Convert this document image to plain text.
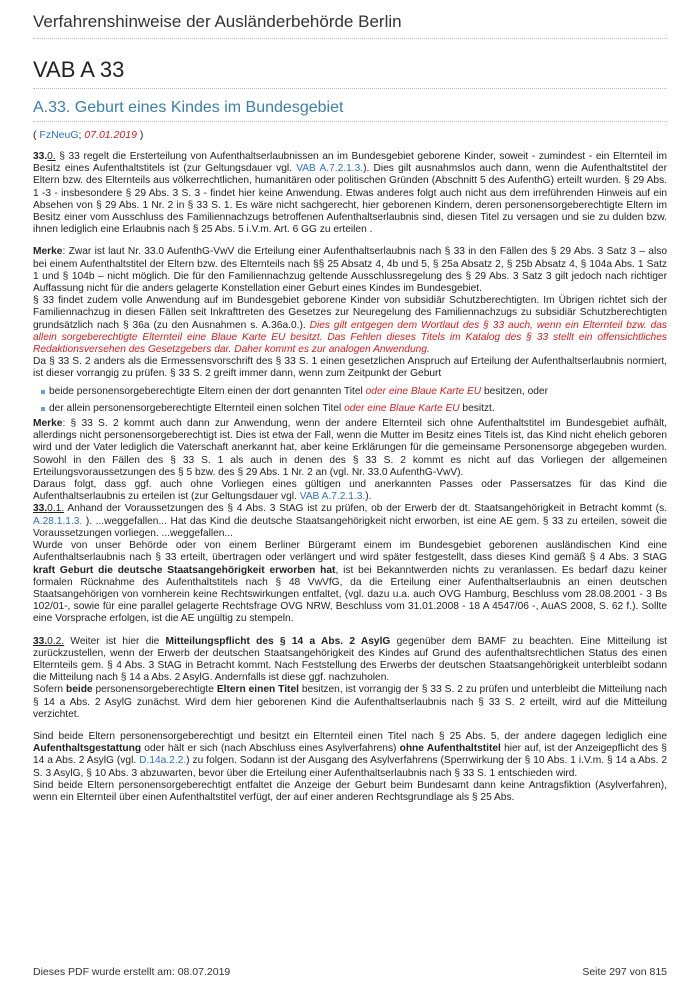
Verfahrenshinweise der Ausländerbehörde Berlin
VAB A 33
A.33. Geburt eines Kindes im Bundesgebiet
( FzNeuG; 07.01.2019 )

33.0. § 33 regelt die Ersterteilung von Aufenthaltserlaubnissen an im Bundesgebiet geborene Kinder, soweit - zumindest - ein Elternteil im Besitz eines Aufenthaltstitels ist (zur Geltungsdauer vgl. VAB A.7.2.1.3.). Dies gilt ausnahmslos auch dann, wenn die Aufenthaltstitel der Eltern bzw. des Elternteils aus völkerrechtlichen, humanitären oder politischen Gründen (Abschnitt 5 des AufenthG) erteilt wurden. § 29 Abs. 1 -3 - insbesondere § 29 Abs. 3 S. 3 - findet hier keine Anwendung. Etwas anderes folgt auch nicht aus dem irreführenden Hinweis auf ein Absehen von § 29 Abs. 1 Nr. 2 in § 33 S. 1. Es wäre nicht sachgerecht, hier geborenen Kindern, deren personensorgeberechtigte Eltern im Besitz einer vom Ausschluss des Familiennachzugs betroffenen Aufenthaltserlaubnis sind, diesen Titel zu versagen und sie zu dulden bzw. ihnen lediglich eine Erlaubnis nach § 25 Abs. 5 i.V.m. Art. 6 GG zu erteilen .

Merke: Zwar ist laut Nr. 33.0 AufenthG-VwV die Erteilung einer Aufenthaltserlaubnis nach § 33 in den Fällen des § 29 Abs. 3 Satz 3 – also bei einem Aufenthaltstitel der Eltern bzw. des Elternteils nach §§ 25 Absatz 4, 4b und 5, § 25a Absatz 2, § 25b Absatz 4, § 104a Abs. 1 Satz 1 und § 104b – nicht möglich. Die für den Familiennachzug geltende Ausschlussregelung des § 29 Abs. 3 Satz 3 gilt jedoch nach richtiger Auffassung nicht für die anders gelagerte Konstellation einer Geburt eines Kindes im Bundesgebiet.

§ 33 findet zudem volle Anwendung auf im Bundesgebiet geborene Kinder von subsidiär Schutzberechtigten. Im Übrigen richtet sich der Familiennachzug in diesen Fällen seit Inkrafttreten des Gesetzes zur Neuregelung des Familiennachzugs zu subsidiär Schutzberechtigten grundsätzlich nach § 36a (zu den Ausnahmen s. A.36a.0.). Dies gilt entgegen dem Wortlaut des § 33 auch, wenn ein Elternteil bzw. das allein sorgeberechtigte Elternteil eine Blaue Karte EU besitzt. Das Fehlen dieses Titels im Katalog des § 33 stellt ein offensichtliches Redaktionsversehen des Gesetzgebers dar. Daher kommt es zur analogen Anwendung.

Da § 33 S. 2 anders als die Ermessensvorschrift des § 33 S. 1 einen gesetzlichen Anspruch auf Erteilung der Aufenthaltserlaubnis normiert, ist dieser vorrangig zu prüfen. § 33 S. 2 greift immer dann, wenn zum Zeitpunkt der Geburt

beide personensorgeberechtigte Eltern einen der dort genannten Titel oder eine Blaue Karte EU besitzen, oder
der allein personensorgeberechtigte Elternteil einen solchen Titel oder eine Blaue Karte EU besitzt.

Merke: § 33 S. 2 kommt auch dann zur Anwendung, wenn der andere Elternteil sich ohne Aufenthaltstitel im Bundesgebiet aufhält, allerdings nicht personensorgeberechtigt ist. Dies ist etwa der Fall, wenn die Mutter im Besitz eines Titels ist, das Kind nicht ehelich geboren wird und der Vater lediglich die Vaterschaft anerkannt hat, aber keine Erklärungen für die gemeinsame Personensorge abgegeben wurden. Sowohl in den Fällen des § 33 S. 1 als auch in denen des § 33 S. 2 kommt es nicht auf das Vorliegen der allgemeinen Erteilungsvoraussetzungen des § 5 bzw. des § 29 Abs. 1 Nr. 2 an (vgl. Nr. 33.0 AufenthG-VwV).

Daraus folgt, dass ggf. auch ohne Vorliegen eines gültigen und anerkannten Passes oder Passersatzes für das Kind die Aufenthaltserlaubnis zu erteilen ist (zur Geltungsdauer vgl. VAB A.7.2.1.3.).

33.0.1. Anhand der Voraussetzungen des § 4 Abs. 3 StAG ist zu prüfen, ob der Erwerb der dt. Staatsangehörigkeit in Betracht kommt (s. A.28.1.1.3. ). ...weggefallen... Hat das Kind die deutsche Staatsangehörigkeit nicht erworben, ist eine AE gem. § 33 zu erteilen, soweit die Voraussetzungen vorliegen. ...weggefallen...

Wurde von unser Behörde oder von einem Berliner Bürgeramt einem im Bundesgebiet geborenen ausländischen Kind eine Aufenthaltserlaubnis nach § 33 erteilt, übertragen oder verlängert und wird später festgestellt, dass dieses Kind gemäß § 4 Abs. 3 StAG kraft Geburt die deutsche Staatsangehörigkeit erworben hat, ist bei Bekanntwerden nichts zu veranlassen. Es bedarf dazu keiner formalen Rücknahme des Aufenthaltstitels nach § 48 VwVfG, da die Erteilung einer Aufenthaltserlaubnis an einen deutschen Staatsangehörigen von vornherein keine Rechtswirkungen entfaltet, (vgl. dazu u.a. auch OVG Hamburg, Beschluss vom 28.08.2001 - 3 Bs 102/01-, sowie für eine parallel gelagerte Rechtsfrage OVG NRW, Beschluss vom 31.01.2008 - 18 A 4547/06 -, AuAS 2008, S. 62 f.). Sollte eine Vorsprache erfolgen, ist die AE ungültig zu stempeln.

33.0.2. Weiter ist hier die Mitteilungspflicht des § 14 a Abs. 2 AsylG gegenüber dem BAMF zu beachten. Eine Mitteilung ist zurückzustellen, wenn der Erwerb der deutschen Staatsangehörigkeit des Kindes auf Grund des aufenthaltsrechtlichen Status des einen Elternteils gem. § 4 Abs. 3 StAG in Betracht kommt. Nach Feststellung des Erwerbs der deutschen Staatsangehörigkeit unterbleibt sodann die Mitteilung nach § 14 a Abs. 2 AsylG. Andernfalls ist diese ggf. nachzuholen.

Sofern beide personensorgeberechtigte Eltern einen Titel besitzen, ist vorrangig der § 33 S. 2 zu prüfen und unterbleibt die Mitteilung nach § 14 a Abs. 2 AsylG zunächst. Wird dem hier geborenen Kind die Aufenthaltserlaubnis nach § 33 S. 2 erteilt, wird auf die Mitteilung verzichtet.

Sind beide Eltern personensorgeberechtigt und besitzt ein Elternteil einen Titel nach § 25 Abs. 5, der andere dagegen lediglich eine Aufenthaltsgestattung oder hält er sich (nach Abschluss eines Asylverfahrens) ohne Aufenthaltstitel hier auf, ist der Anzeigepflicht des § 14 a Abs. 2 AsylG (vgl. D.14a.2.2.) zu folgen. Sodann ist der Ausgang des Asylverfahrens (Sperrwirkung der § 10 Abs. 1 i.V.m. § 14 a Abs. 2 S. 3 AsylG, § 10 Abs. 3 abzuwarten, bevor über die Erteilung einer Aufenthaltserlaubnis nach § 33 S. 1 entschieden wird.

Sind beide Eltern personensorgeberechtigt entfaltet die Anzeige der Geburt beim Bundesamt dann keine Antragsfiktion (Asylverfahren), wenn ein Elternteil über einen Aufenthaltstitel verfügt, der auf einer anderen Rechtsgrundlage als § 25 Abs.

Dieses PDF wurde erstellt am: 08.07.2019	Seite 297 von 815
